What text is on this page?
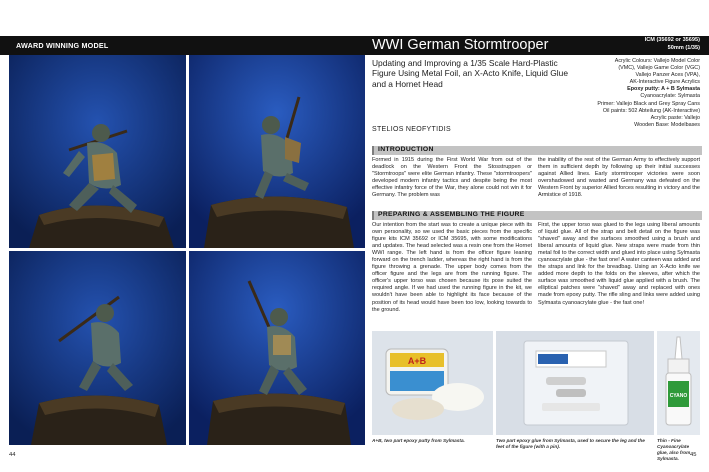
AWARD WINNING MODEL	WWI German Stormtrooper	ICM (35692 or 35695)
50mm (1/35)
Updating and Improving a 1/35 Scale Hard-Plastic Figure Using Metal Foil, an X-Acto Knife, Liquid Glue and a Hornet Head
STELIOS NEOFYTIDIS
Acrylic Colours: Vallejo Model Color
(VMC), Vallejo Game Color (VGC)
Vallejo Panzer Aces (VPA),
AK-Interactive Figure Acrylics
Epoxy putty: A + B Sylmasta
Cyanoacrylate: Sylmasta
Primer: Vallejo Black and Grey Spray Cans
Oil paints: 502 Abteilung (AK-Interactive)
Acrylic paste: Vallejo
Wooden Base: Modelbases
INTRODUCTION
Formed in 1915 during the First World War from out of the deadlock on the Western Front the Stosstruppen or "Stormtroops" were elite German infantry. These "stormtroopers" developed modern infantry tactics and despite being the most effective infantry force of the War, they alone could not win it for Germany. The problem was
the inability of the rest of the German Army to effectively support them in sufficient depth by following up their initial successes against Allied lines. Early stormtrooper victories were soon overshadowed and wasted and Germany was defeated on the Western Front by superior Allied forces resulting in victory and the Armistice of 1918.
PREPARING & ASSEMBLING THE FIGURE
Our intention from the start was to create a unique piece with its own personality, so we used the basic pieces from the specific figure kits ICM 35692 or ICM 35695, with some modifications and updates. The head selected was a resin one from the Hornet WWI range. The left hand is from the officer figure leaning forward on the trench ladder, whereas the right hand is from the figure throwing a grenade. The upper body comes from the officer figure and the legs are from the running figure. The officer's upper torso was chosen because its pose suited the required angle. If we had used the running figure in the kit, we wouldn't have been able to highlight its face because of the position of its head would have been too low, looking towards to the ground.
First, the upper torso was glued to the legs using liberal amounts of liquid glue. All of the strap and belt detail on the figure was "shaved" away and the surfaces smoothed using a brush and liberal amounts of liquid glue. New straps were made from thin metal foil to the correct width and glued into place using Sylmasta cyanoacrylate glue - the fast one! A water canteen was added and the straps and link for the breadbag. Using an X-Acto knife we added more depth to the folds on the sleeves, after which the surface was smoothed with liquid glue applied with a brush. The elliptical patches were "shaved" away and replaced with ones made from epoxy putty. The rifle sling and links were added using Sylmasta cyanoacrylate glue - the fast one!
A+B
CYANO
A+B, two part epoxy putty from Sylmasta.	Two part epoxy glue from Sylmasta, used to secure the leg and the feet of the figure (with a pin).
Thin - Fine Cyanoacrylate glue, also from Sylmasta.
44	45
